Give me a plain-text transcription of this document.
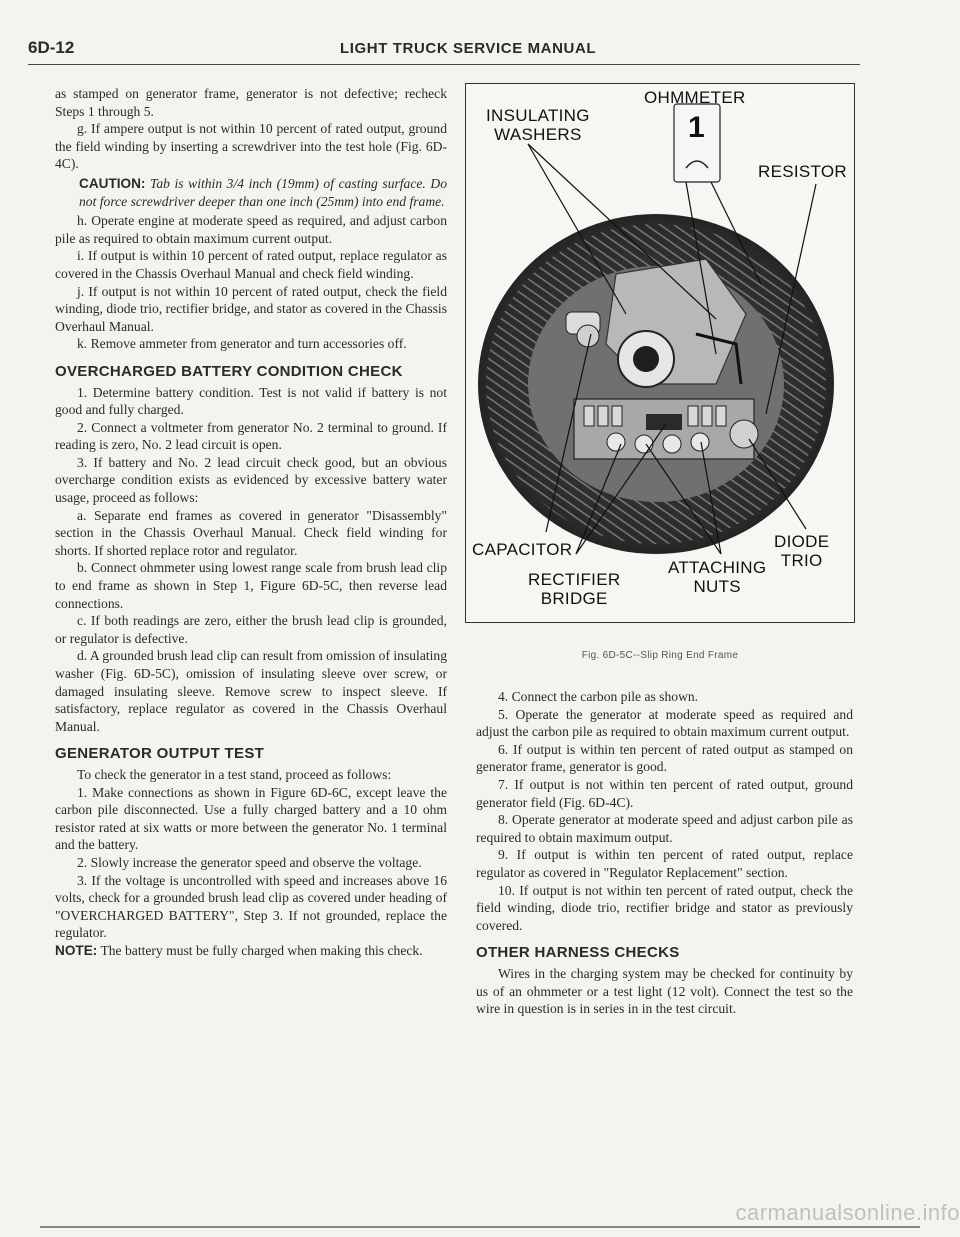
6D-12	LIGHT TRUCK SERVICE MANUAL

as stamped on generator frame, generator is not defective; recheck Steps 1 through 5.

g. If ampere output is not within 10 percent of rated output, ground the field winding by inserting a screwdriver into the test hole (Fig. 6D-4C).

CAUTION: Tab is within 3/4 inch (19mm) of casting surface. Do not force screwdriver deeper than one inch (25mm) into end frame.

h. Operate engine at moderate speed as required, and adjust carbon pile as required to obtain maximum current output.

i. If output is within 10 percent of rated output, replace regulator as covered in the Chassis Overhaul Manual and check field winding.

j. If output is not within 10 percent of rated output, check the field winding, diode trio, rectifier bridge, and stator as covered in the Chassis Overhaul Manual.

k. Remove ammeter from generator and turn accessories off.

OVERCHARGED BATTERY CONDITION CHECK

1. Determine battery condition. Test is not valid if battery is not good and fully charged.

2. Connect a voltmeter from generator No. 2 terminal to ground. If reading is zero, No. 2 lead circuit is open.

3. If battery and No. 2 lead circuit check good, but an obvious overcharge condition exists as evidenced by excessive battery water usage, proceed as follows:

a. Separate end frames as covered in generator "Disassembly" section in the Chassis Overhaul Manual. Check field winding for shorts. If shorted replace rotor and regulator.

b. Connect ohmmeter using lowest range scale from brush lead clip to end frame as shown in Step 1, Figure 6D-5C, then reverse lead connections.

c. If both readings are zero, either the brush lead clip is grounded, or regulator is defective.

d. A grounded brush lead clip can result from omission of insulating washer (Fig. 6D-5C), omission of insulating sleeve over screw, or damaged insulating sleeve. Remove screw to inspect sleeve. If satisfactory, replace regulator as covered in the Chassis Overhaul Manual.

GENERATOR OUTPUT TEST

To check the generator in a test stand, proceed as follows:

1. Make connections as shown in Figure 6D-6C, except leave the carbon pile disconnected. Use a fully charged battery and a 10 ohm resistor rated at six watts or more between the generator No. 1 terminal and the battery.

2. Slowly increase the generator speed and observe the voltage.

3. If the voltage is uncontrolled with speed and increases above 16 volts, check for a grounded brush lead clip as covered under heading of "OVERCHARGED BATTERY", Step 3. If not grounded, replace the regulator.

NOTE: The battery must be fully charged when making this check.

OHMMETER
1
INSULATING
WASHERS
RESISTOR
CAPACITOR	DIODE
TRIO
ATTACHING
NUTS
RECTIFIER
BRIDGE
Fig. 6D-5C--Slip Ring End Frame

4. Connect the carbon pile as shown.

5. Operate the generator at moderate speed as required and adjust the carbon pile as required to obtain maximum current output.

6. If output is within ten percent of rated output as stamped on generator frame, generator is good.

7. If output is not within ten percent of rated output, ground generator field (Fig. 6D-4C).

8. Operate generator at moderate speed and adjust carbon pile as required to obtain maximum output.

9. If output is within ten percent of rated output, replace regulator as covered in "Regulator Replacement" section.

10. If output is not within ten percent of rated output, check the field winding, diode trio, rectifier bridge and stator as previously covered.

OTHER HARNESS CHECKS

Wires in the charging system may be checked for continuity by us of an ohmmeter or a test light (12 volt). Connect the test so the wire in question is in series in in the test circuit.

carmanualsonline.info
